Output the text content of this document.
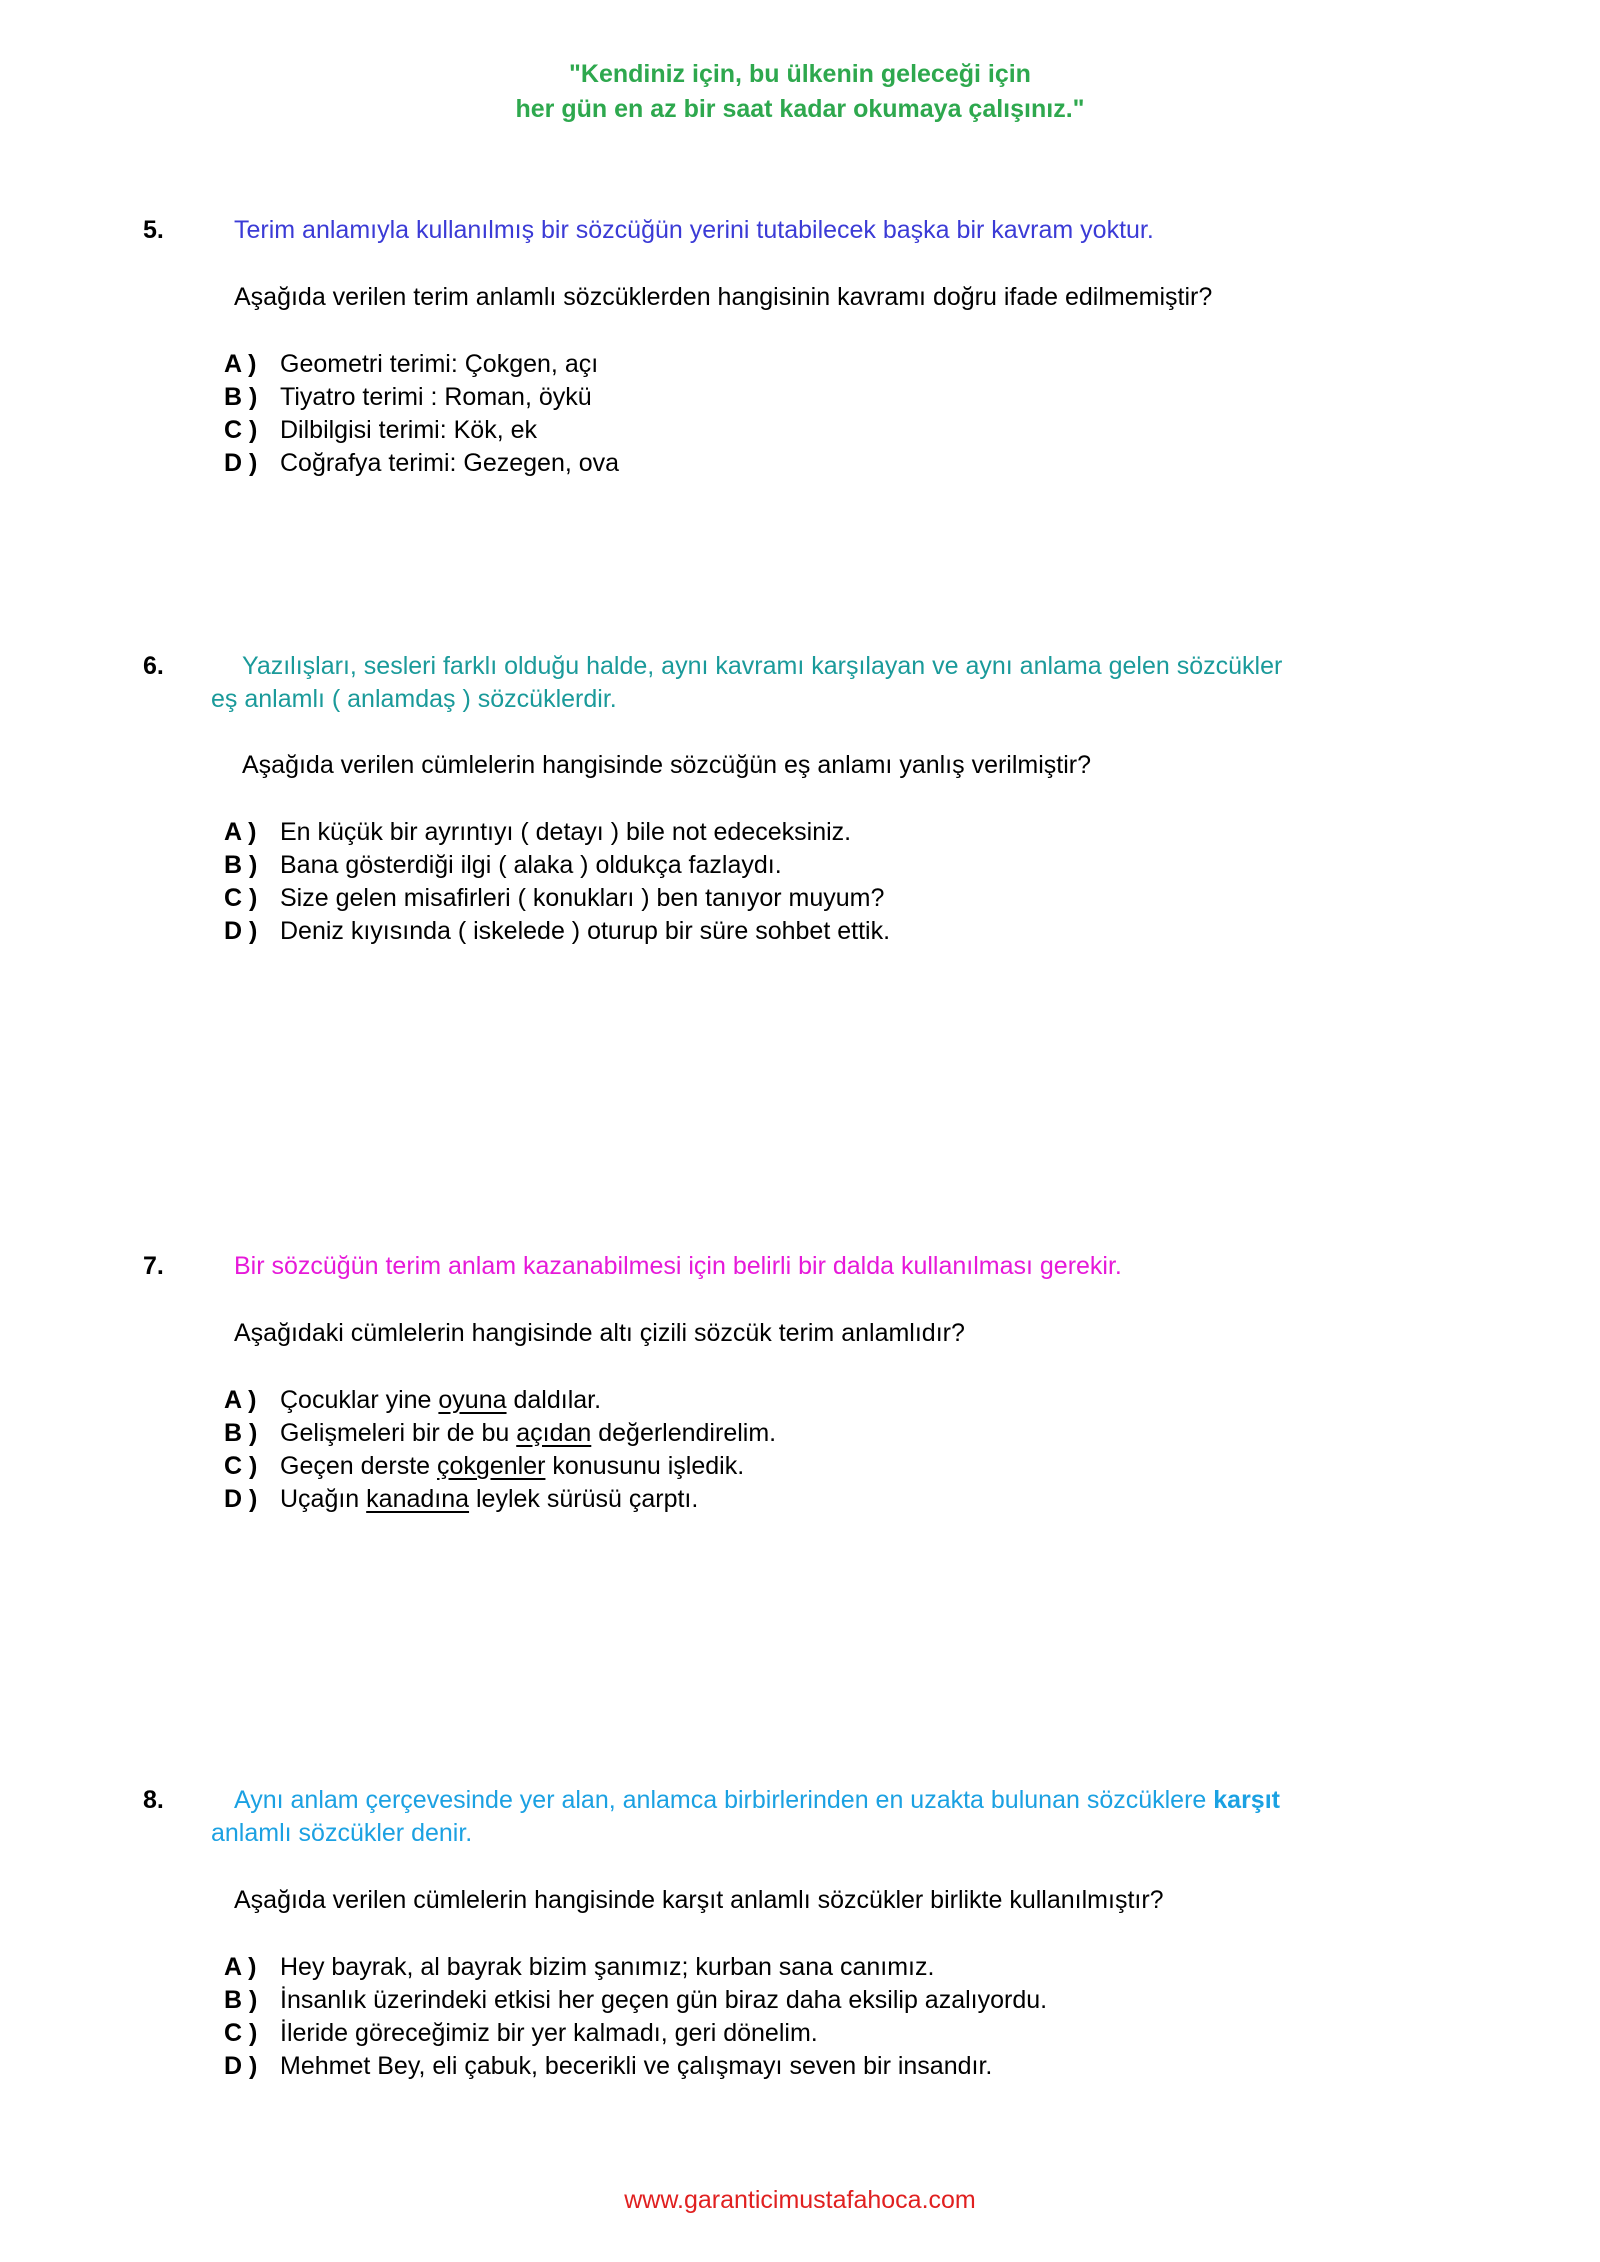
"Kendiniz için, bu ülkenin geleceği için
her gün en az bir saat kadar okumaya çalışınız."
5.	Terim anlamıyla kullanılmış bir sözcüğün yerini tutabilecek başka bir kavram yoktur.
Aşağıda verilen terim anlamlı sözcüklerden hangisinin kavramı doğru ifade edilmemiştir?
A ) Geometri terimi: Çokgen, açı
B ) Tiyatro terimi : Roman, öykü
C ) Dilbilgisi terimi: Kök, ek
D ) Coğrafya terimi: Gezegen, ova
6.	Yazılışları, sesleri farklı olduğu halde, aynı kavramı karşılayan ve aynı anlama gelen sözcükler
eş anlamlı ( anlamdaş ) sözcüklerdir.
Aşağıda verilen cümlelerin hangisinde sözcüğün eş anlamı yanlış verilmiştir?
A ) En küçük bir ayrıntıyı ( detayı ) bile not edeceksiniz.
B ) Bana gösterdiği ilgi ( alaka ) oldukça fazlaydı.
C ) Size gelen misafirleri ( konukları ) ben tanıyor muyum?
D ) Deniz kıyısında ( iskelede ) oturup bir süre sohbet ettik.
7.	Bir sözcüğün terim anlam kazanabilmesi için belirli bir dalda kullanılması gerekir.
Aşağıdaki cümlelerin hangisinde altı çizili sözcük terim anlamlıdır?
A ) Çocuklar yine oyuna daldılar.
B ) Gelişmeleri bir de bu açıdan değerlendirelim.
C ) Geçen derste çokgenler konusunu işledik.
D ) Uçağın kanadına leylek sürüsü çarptı.
8.	Aynı anlam çerçevesinde yer alan, anlamca birbirlerinden en uzakta bulunan sözcüklere karşıt
anlamlı sözcükler denir.
Aşağıda verilen cümlelerin hangisinde karşıt anlamlı sözcükler birlikte kullanılmıştır?
A ) Hey bayrak, al bayrak bizim şanımız; kurban sana canımız.
B ) İnsanlık üzerindeki etkisi her geçen gün biraz daha eksilip azalıyordu.
C ) İleride göreceğimiz bir yer kalmadı, geri dönelim.
D ) Mehmet Bey, eli çabuk, becerikli ve çalışmayı seven bir insandır.
www.garanticimustafahoca.com
